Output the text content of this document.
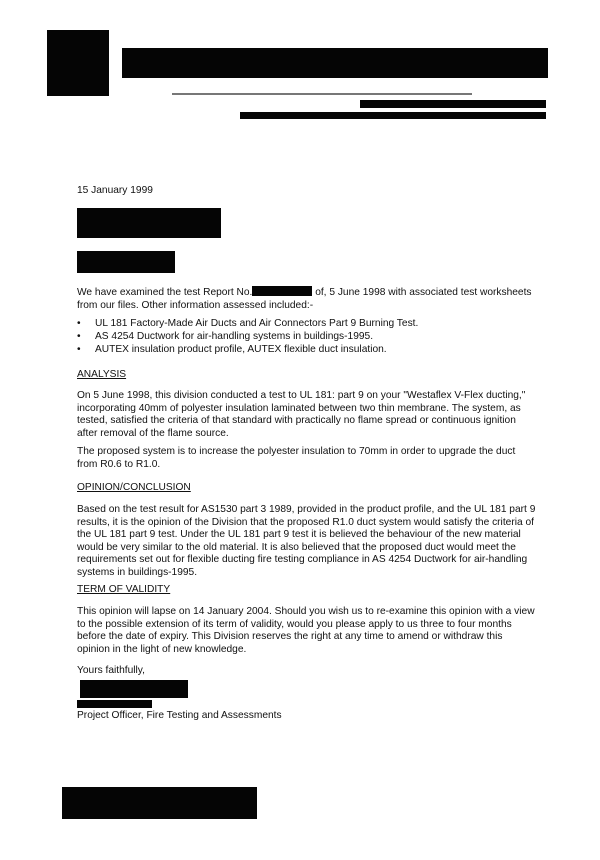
15 January 1999

We have examined the test Report No.	of, 5 June 1998 with associated test worksheets from our files. Other information assessed included:-

• UL 181 Factory-Made Air Ducts and Air Connectors Part 9 Burning Test.
• AS 4254 Ductwork for air-handling systems in buildings-1995.
• AUTEX insulation product profile, AUTEX flexible duct insulation.
ANALYSIS

On 5 June 1998, this division conducted a test to UL 181: part 9 on your "Westaflex V-Flex ducting," incorporating 40mm of polyester insulation laminated between two thin membrane. The system, as tested, satisfied the criteria of that standard with practically no flame spread or continuous ignition after removal of the flame source.

The proposed system is to increase the polyester insulation to 70mm in order to upgrade the duct from R0.6 to R1.0.

OPINION/CONCLUSION

Based on the test result for AS1530 part 3 1989, provided in the product profile, and the UL 181 part 9 results, it is the opinion of the Division that the proposed R1.0 duct system would satisfy the criteria of the UL 181 part 9 test. Under the UL 181 part 9 test it is believed the behaviour of the new material would be very similar to the old material. It is also believed that the proposed duct would meet the requirements set out for flexible ducting fire testing compliance in AS 4254 Ductwork for air-handling systems in buildings-1995.

TERM OF VALIDITY

This opinion will lapse on 14 January 2004. Should you wish us to re-examine this opinion with a view to the possible extension of its term of validity, would you please apply to us three to four months before the date of expiry. This Division reserves the right at any time to amend or withdraw this opinion in the light of new knowledge.

Yours faithfully,
Project Officer, Fire Testing and Assessments
